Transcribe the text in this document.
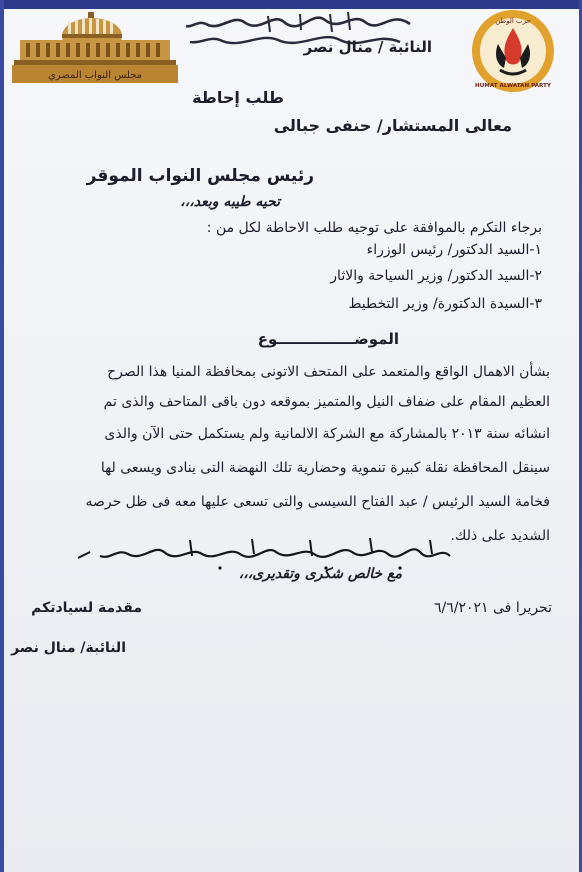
مجلس النواب المصري
حزب الوطن
HUMAT ALWATAN PARTY
النائبة / منال نصر
طلب إحاطة
معالى المستشار/ حنفى جبالى
رئيس مجلس النواب الموقر
تحيه طيبه وبعد،،،
برجاء التكرم بالموافقة على توجيه طلب الاحاطة لكل من :
١-السيد الدكتور/ رئيس الوزراء
٢-السيد الدكتور/ وزير السياحة والاثار
٣-السيدة الدكتورة/ وزير التخطيط
الموضـــــــــــــــوع
بشأن الاهمال الواقع والمتعمد على المتحف الاتونى بمحافظة المنيا هذا الصرح
العظيم المقام على ضفاف النيل والمتميز بموقعه دون باقى المتاحف والذى تم
انشائه سنة ٢٠١٣ بالمشاركة مع الشركة الالمانية ولم يستكمل حتى الآن والذى
سينقل المحافظة نقلة كبيرة تنموية وحضارية تلك النهضة التى ينادى ويسعى لها
فخامة السيد الرئيس / عبد الفتاح السيسى والتى تسعى عليها معه فى ظل حرصه
الشديد على ذلك.
مع خالص شكرى وتقديرى،،،
مقدمة لسيادتكم	تحريرا فى ٦/٦/٢٠٢١
النائبة/ منال نصر
